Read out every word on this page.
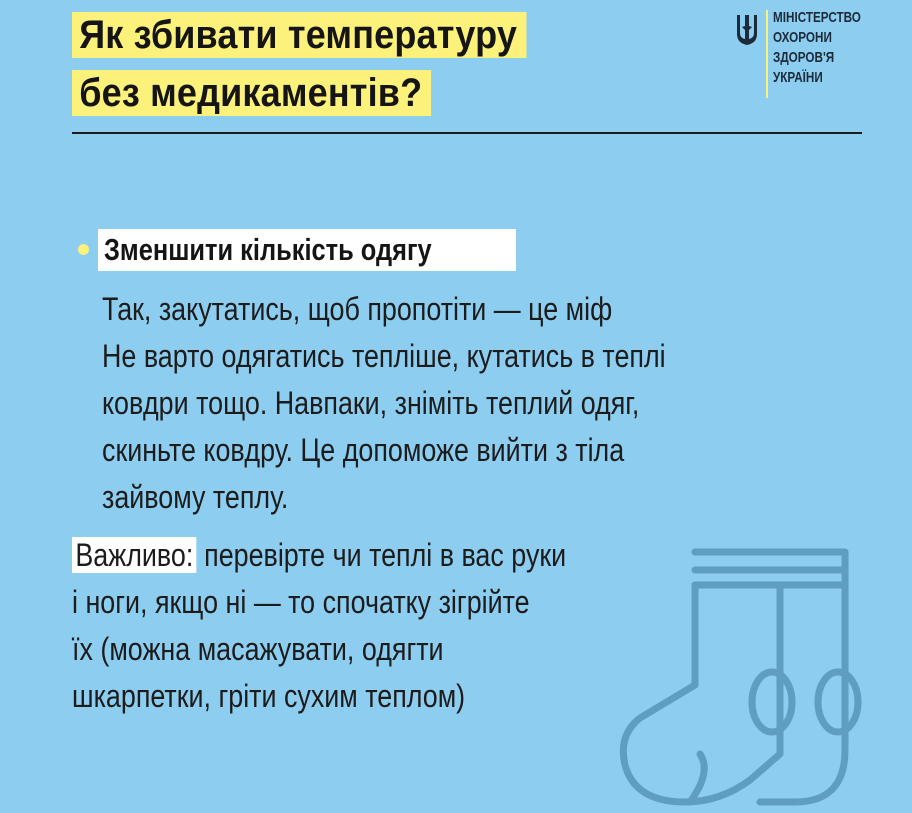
Як збивати температуру
без медикаментів?
МІНІСТЕРСТВО
ОХОРОНИ
ЗДОРОВ'Я
УКРАЇНИ
Зменшити кількість одягу
Так, закутатись, щоб пропотіти — це міф
Не варто одягатись тепліше, кутатись в теплі
ковдри тощо. Навпаки, зніміть теплий одяг,
скиньте ковдру. Це допоможе вийти з тіла
зайвому теплу.
Важливо: перевірте чи теплі в вас руки
і ноги, якщо ні — то спочатку зігрійте
їх (можна масажувати, одягти
шкарпетки, гріти сухим теплом)
